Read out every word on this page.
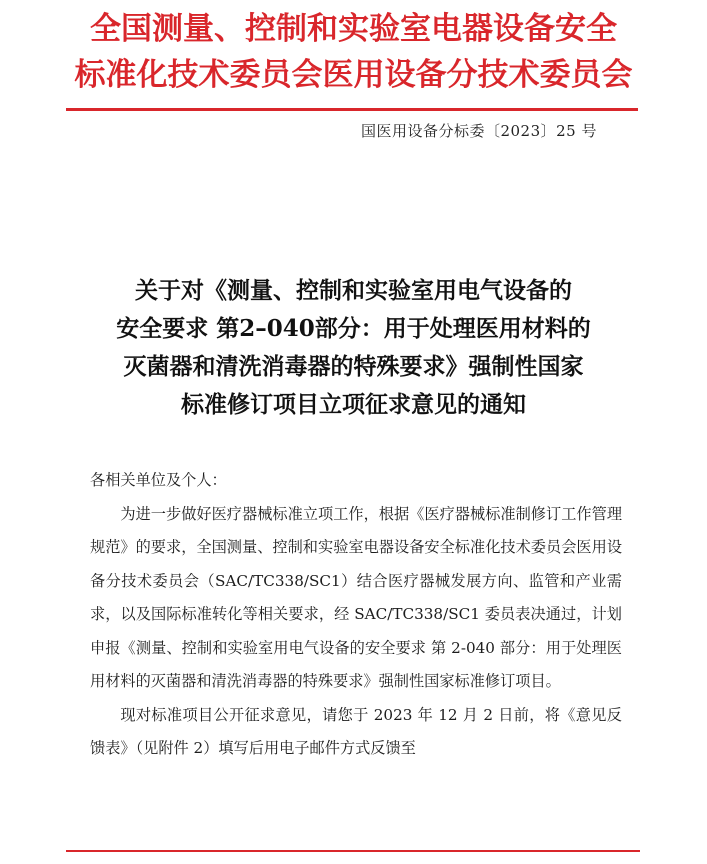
全国测量、控制和实验室电器设备安全
标准化技术委员会医用设备分技术委员会
国医用设备分标委〔2023〕25 号
关于对《测量、控制和实验室用电气设备的
安全要求 第2–040部分：用于处理医用材料的
灭菌器和清洗消毒器的特殊要求》强制性国家
标准修订项目立项征求意见的通知

各相关单位及个人：

为进一步做好医疗器械标准立项工作，根据《医疗器械标准制修订工作管理规范》的要求，全国测量、控制和实验室电器设备安全标准化技术委员会医用设备分技术委员会（SAC/TC338/SC1）结合医疗器械发展方向、监管和产业需求，以及国际标准转化等相关要求，经 SAC/TC338/SC1 委员表决通过，计划申报《测量、控制和实验室用电气设备的安全要求 第 2-040 部分：用于处理医用材料的灭菌器和清洗消毒器的特殊要求》强制性国家标准修订项目。

现对标准项目公开征求意见，请您于 2023 年 12 月 2 日前，将《意见反馈表》（见附件 2）填写后用电子邮件方式反馈至
